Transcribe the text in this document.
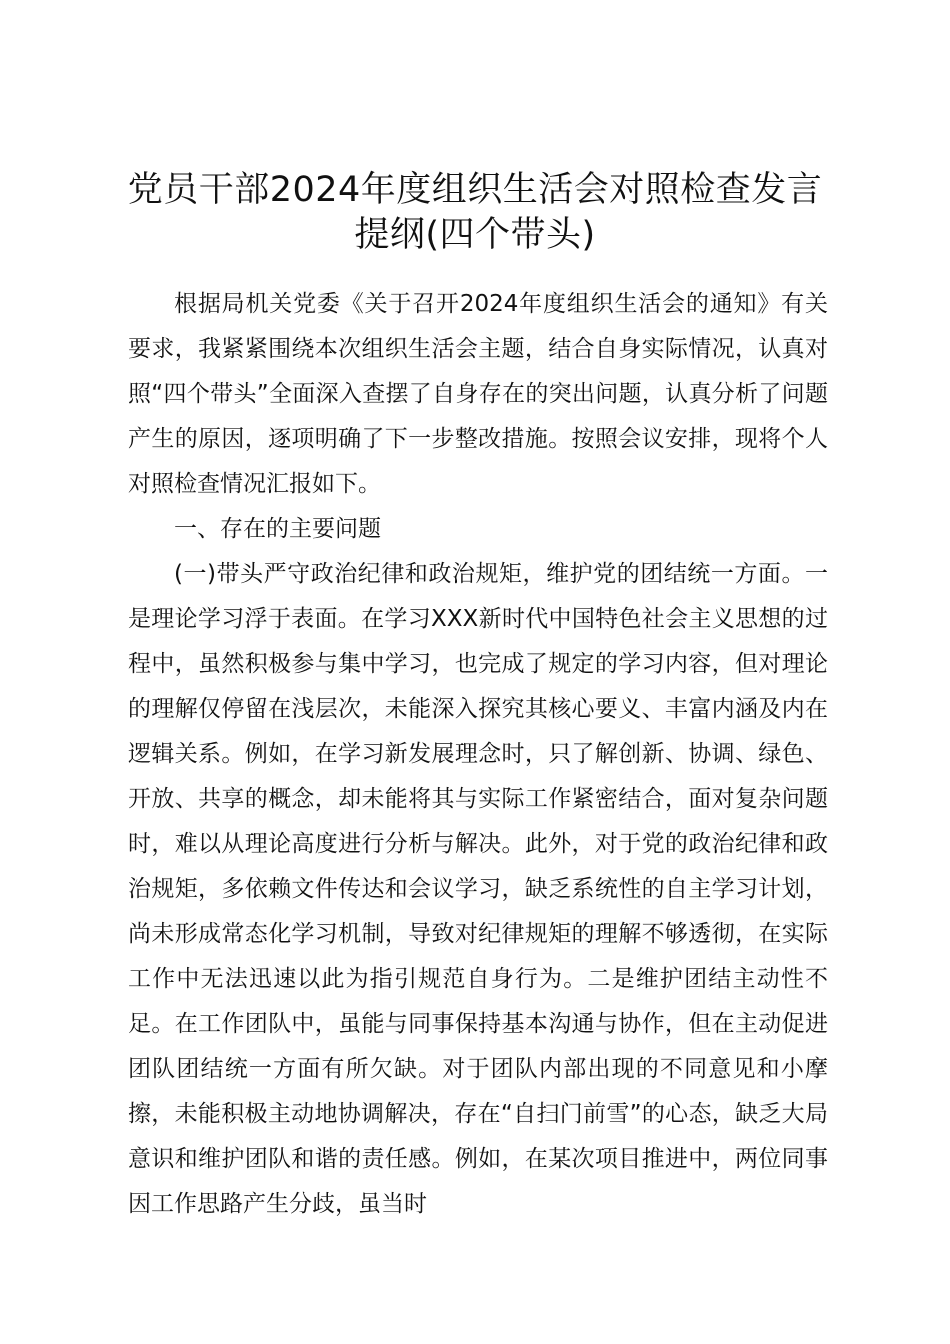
党员干部2024年度组织生活会对照检查发言提纲(四个带头)

根据局机关党委《关于召开2024年度组织生活会的通知》有关要求，我紧紧围绕本次组织生活会主题，结合自身实际情况，认真对照“四个带头”全面深入查摆了自身存在的突出问题，认真分析了问题产生的原因，逐项明确了下一步整改措施。按照会议安排，现将个人对照检查情况汇报如下。

一、存在的主要问题

(一)带头严守政治纪律和政治规矩，维护党的团结统一方面。一是理论学习浮于表面。在学习XXX新时代中国特色社会主义思想的过程中，虽然积极参与集中学习，也完成了规定的学习内容，但对理论的理解仅停留在浅层次，未能深入探究其核心要义、丰富内涵及内在逻辑关系。例如，在学习新发展理念时，只了解创新、协调、绿色、开放、共享的概念，却未能将其与实际工作紧密结合，面对复杂问题时，难以从理论高度进行分析与解决。此外，对于党的政治纪律和政治规矩，多依赖文件传达和会议学习，缺乏系统性的自主学习计划，尚未形成常态化学习机制，导致对纪律规矩的理解不够透彻，在实际工作中无法迅速以此为指引规范自身行为。二是维护团结主动性不足。在工作团队中，虽能与同事保持基本沟通与协作，但在主动促进团队团结统一方面有所欠缺。对于团队内部出现的不同意见和小摩擦，未能积极主动地协调解决，存在“自扫门前雪”的心态，缺乏大局意识和维护团队和谐的责任感。例如，在某次项目推进中，两位同事因工作思路产生分歧，虽当时
